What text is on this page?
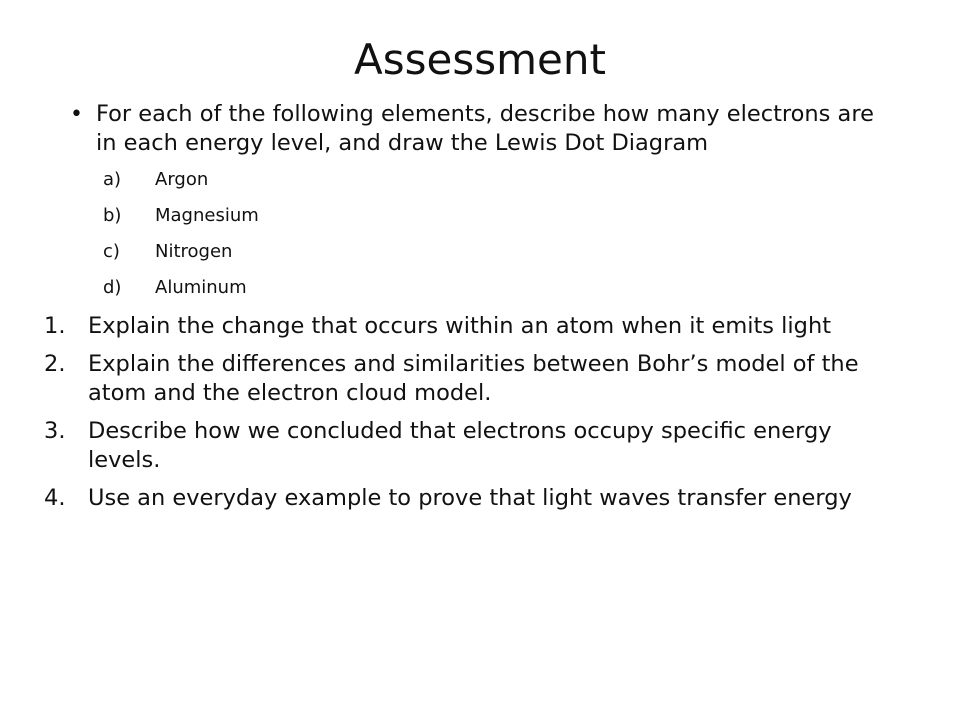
Assessment
• For each of the following elements, describe how many electrons are in each energy level, and draw the Lewis Dot Diagram
a) Argon
b) Magnesium
c) Nitrogen
d) Aluminum
1. Explain the change that occurs within an atom when it emits light
2. Explain the differences and similarities between Bohr’s model of the atom and the electron cloud model.
3. Describe how we concluded that electrons occupy specific energy levels.
4. Use an everyday example to prove that light waves transfer energy
